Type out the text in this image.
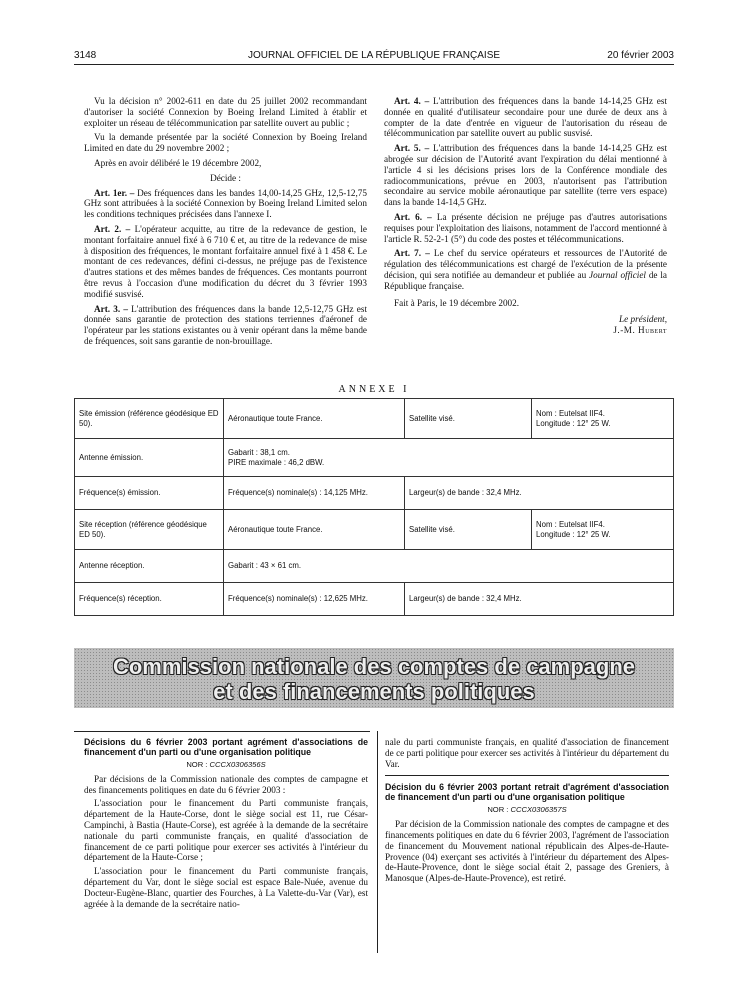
3148	JOURNAL OFFICIEL DE LA RÉPUBLIQUE FRANÇAISE	20 février 2003

Vu la décision n° 2002-611 en date du 25 juillet 2002 recommandant d'autoriser la société Connexion by Boeing Ireland Limited à établir et exploiter un réseau de télécommunication par satellite ouvert au public ;

Vu la demande présentée par la société Connexion by Boeing Ireland Limited en date du 29 novembre 2002 ;

Après en avoir délibéré le 19 décembre 2002,

Décide :

Art. 1er. – Des fréquences dans les bandes 14,00-14,25 GHz, 12,5-12,75 GHz sont attribuées à la société Connexion by Boeing Ireland Limited selon les conditions techniques précisées dans l'annexe I.

Art. 2. – L'opérateur acquitte, au titre de la redevance de gestion, le montant forfaitaire annuel fixé à 6 710 € et, au titre de la redevance de mise à disposition des fréquences, le montant forfaitaire annuel fixé à 1 458 €. Le montant de ces redevances, défini ci-dessus, ne préjuge pas de l'existence d'autres stations et des mêmes bandes de fréquences. Ces montants pourront être revus à l'occasion d'une modification du décret du 3 février 1993 modifié susvisé.

Art. 3. – L'attribution des fréquences dans la bande 12,5-12,75 GHz est donnée sans garantie de protection des stations terriennes d'aéronef de l'opérateur par les stations existantes ou à venir opérant dans la même bande de fréquences, soit sans garantie de non-brouillage.

Art. 4. – L'attribution des fréquences dans la bande 14-14,25 GHz est donnée en qualité d'utilisateur secondaire pour une durée de deux ans à compter de la date d'entrée en vigueur de l'autorisation du réseau de télécommunication par satellite ouvert au public susvisé.

Art. 5. – L'attribution des fréquences dans la bande 14-14,25 GHz est abrogée sur décision de l'Autorité avant l'expiration du délai mentionné à l'article 4 si les décisions prises lors de la Conférence mondiale des radiocommunications, prévue en 2003, n'autorisent pas l'attribution secondaire au service mobile aéronautique par satellite (terre vers espace) dans la bande 14-14,5 GHz.

Art. 6. – La présente décision ne préjuge pas d'autres autorisations requises pour l'exploitation des liaisons, notamment de l'accord mentionné à l'article R. 52-2-1 (5°) du code des postes et télécommunications.

Art. 7. – Le chef du service opérateurs et ressources de l'Autorité de régulation des télécommunications est chargé de l'exécution de la présente décision, qui sera notifiée au demandeur et publiée au Journal officiel de la République française.

Fait à Paris, le 19 décembre 2002.

Le président,

J.-M. Hubert

ANNEXE I
Site émission (référence géodésique ED 50).	Aéronautique toute France.	Satellite visé.	Nom : Eutelsat IIF4.
Longitude : 12° 25 W.

Antenne émission.	Gabarit : 38,1 cm.
PIRE maximale : 46,2 dBW.		

Fréquence(s) émission.	Fréquence(s) nominale(s) : 14,125 MHz.	Largeur(s) de bande : 32,4 MHz.	
Site réception (référence géodésique ED 50).	Aéronautique toute France.	Satellite visé.	Nom : Eutelsat IIF4.
Longitude : 12° 25 W.

Antenne réception.	Gabarit : 43 × 61 cm.		
Fréquence(s) réception.	Fréquence(s) nominale(s) : 12,625 MHz.	Largeur(s) de bande : 32,4 MHz.	
Commission nationale des comptes de campagne
et des financements politiques

Décisions du 6 février 2003 portant agrément d'associations de financement d'un parti ou d'une organisation politique

NOR : CCCX0306356S

Par décisions de la Commission nationale des comptes de campagne et des financements politiques en date du 6 février 2003 :

L'association pour le financement du Parti communiste français, département de la Haute-Corse, dont le siège social est 11, rue César-Campinchi, à Bastia (Haute-Corse), est agréée à la demande de la secrétaire nationale du parti communiste français, en qualité d'association de financement de ce parti politique pour exercer ses activités à l'intérieur du département de la Haute-Corse ;

L'association pour le financement du Parti communiste français, département du Var, dont le siège social est espace Bale-Nuée, avenue du Docteur-Eugène-Blanc, quartier des Fourches, à La Valette-du-Var (Var), est agréée à la demande de la secrétaire natio-

nale du parti communiste français, en qualité d'association de financement de ce parti politique pour exercer ses activités à l'intérieur du département du Var.

Décision du 6 février 2003 portant retrait d'agrément d'association de financement d'un parti ou d'une organisation politique

NOR : CCCX0306357S

Par décision de la Commission nationale des comptes de campagne et des financements politiques en date du 6 février 2003, l'agrément de l'association de financement du Mouvement national républicain des Alpes-de-Haute-Provence (04) exerçant ses activités à l'intérieur du département des Alpes-de-Haute-Provence, dont le siège social était 2, passage des Greniers, à Manosque (Alpes-de-Haute-Provence), est retiré.
